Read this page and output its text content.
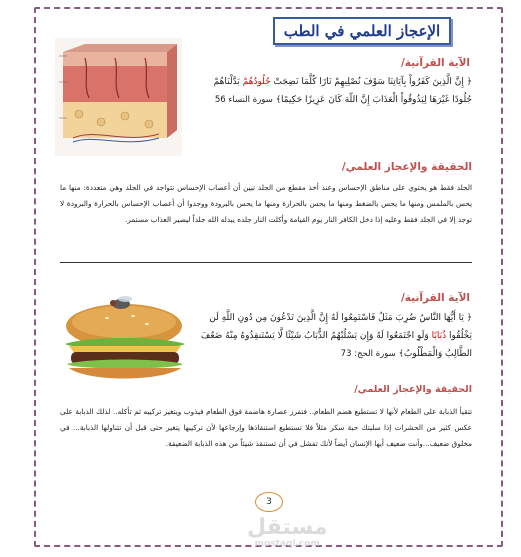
الإعجاز العلمي في الطب
الآية القرآنية/
﴿ إِنَّ الَّذِينَ كَفَرُواْ بِآيَاتِنَا سَوْفَ نُصْلِيهِمْ نَارًا كُلَّمَا نَضِجَتْ جُلُودُهُمْ بَدَّلْنَاهُمْ جُلُودًا غَيْرَهَا لِيَذُوقُواْ الْعَذَابَ إِنَّ اللّهَ كَانَ عَزِيزًا حَكِيمًا﴾ سورة النساء 56
الحقيقة والإعجاز العلمي/
الجلد فقط هو يحتوي على مناطق الإحساس وعند أخذ مقطع من الجلد تبين أن أعصاب الإحساس تتواجد في الجلد وهي متعددة: منها ما يحس بالملمس ومنها ما يحس بالضغط ومنها ما يحس بالحرارة ومنها ما يحس بالبرودة ووجدوا أن أعصاب الإحساس بالحرارة والبرودة لا توجد إلا في الجلد فقط وعليه إذا دخل الكافر النار يوم القيامة وأكلت النار جلده يبدله الله جلداً ليصير العذاب مستمر.
الآية القرآنية/
﴿ يَا أَيُّهَا النَّاسُ ضُرِبَ مَثَلٌ فَاسْتَمِعُوا لَهُ إِنَّ الَّذِينَ تَدْعُونَ مِن دُونِ اللَّهِ لَن يَخْلُقُوا ذُبَابًا وَلَوِ اجْتَمَعُوا لَهُ وَإِن يَسْلُبْهُمُ الذُّبَابُ شَيْئًا لَّا يَسْتَنقِذُوهُ مِنْهُ ضَعُفَ الطَّالِبُ وَالْمَطْلُوبُ﴾ سورة الحج: 73
الحقيقة والإعجاز العلمي/
تتقيأ الذبابة على الطعام لأنها لا تستطيع هضم الطعام.. فتفرز عصارة هاضمة فوق الطعام فيذوب ويتغير تركيبه ثم تأكله.. لذلك الذبابة على عكس كثير من الحشرات إذا سلبتك حبة سكر مثلاً فلا تستطيع استنقاذها وإرجاعها لأن تركيبها يتغير حتى قبل أن تتناولها الذبابة... في مخلوق ضعيف...وأنت ضعيف أيها الإنسان أيضاً لأنك تفشل في أن تستنقذ شيئاً من هذه الذبابة الضعيفة.
3
مستقل
mostaql.com
